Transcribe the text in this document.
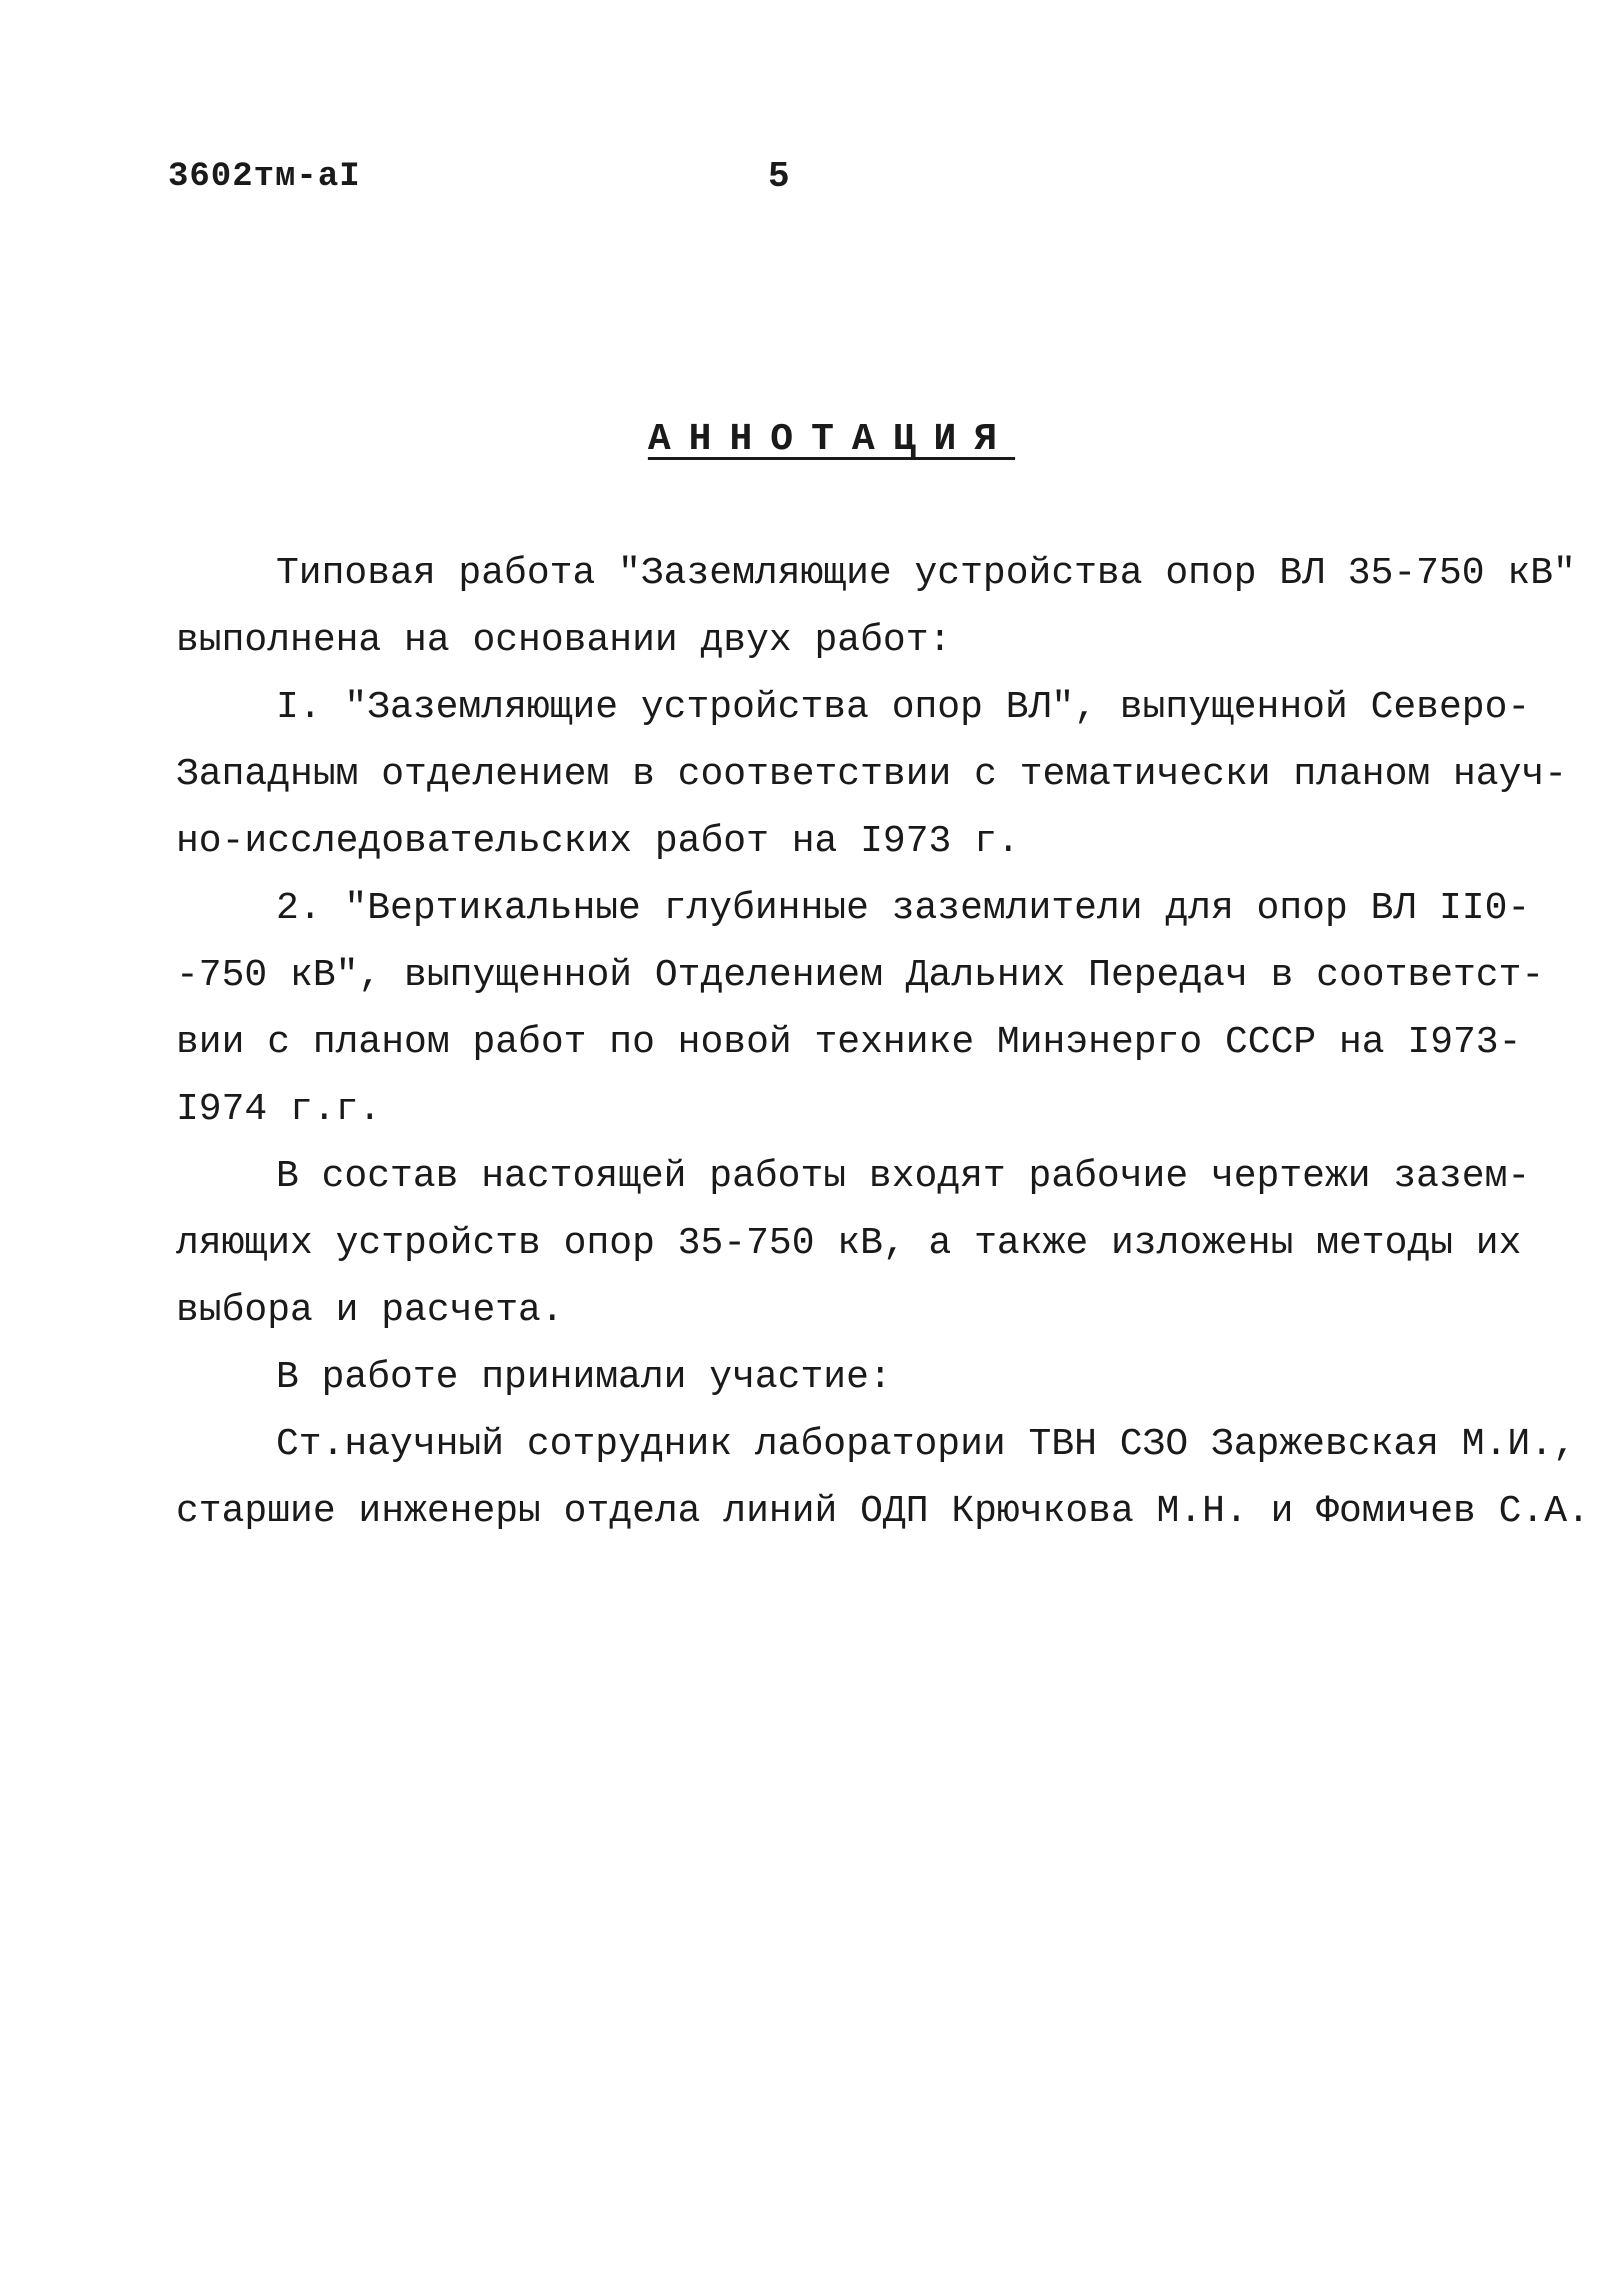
3602тм-аI	5
АННОТАЦИЯ
Типовая работа "Заземляющие устройства опор ВЛ 35-750 кВ"
выполнена на основании двух работ:
I. "Заземляющие устройства опор ВЛ", выпущенной Северо-
Западным отделением в соответствии с тематически планом науч-
но-исследовательских работ на I973 г.
2. "Вертикальные глубинные заземлители для опор ВЛ II0-
-750 кВ", выпущенной Отделением Дальних Передач в соответст-
вии с планом работ по новой технике Минэнерго СССР на I973-
I974 г.г.
В состав настоящей работы входят рабочие чертежи зазем-
ляющих устройств опор 35-750 кВ, а также изложены методы их
выбора и расчета.
В работе принимали участие:
Ст.научный сотрудник лаборатории ТВН СЗО Заржевская М.И.,
старшие инженеры отдела линий ОДП Крючкова М.Н. и Фомичев С.А.
